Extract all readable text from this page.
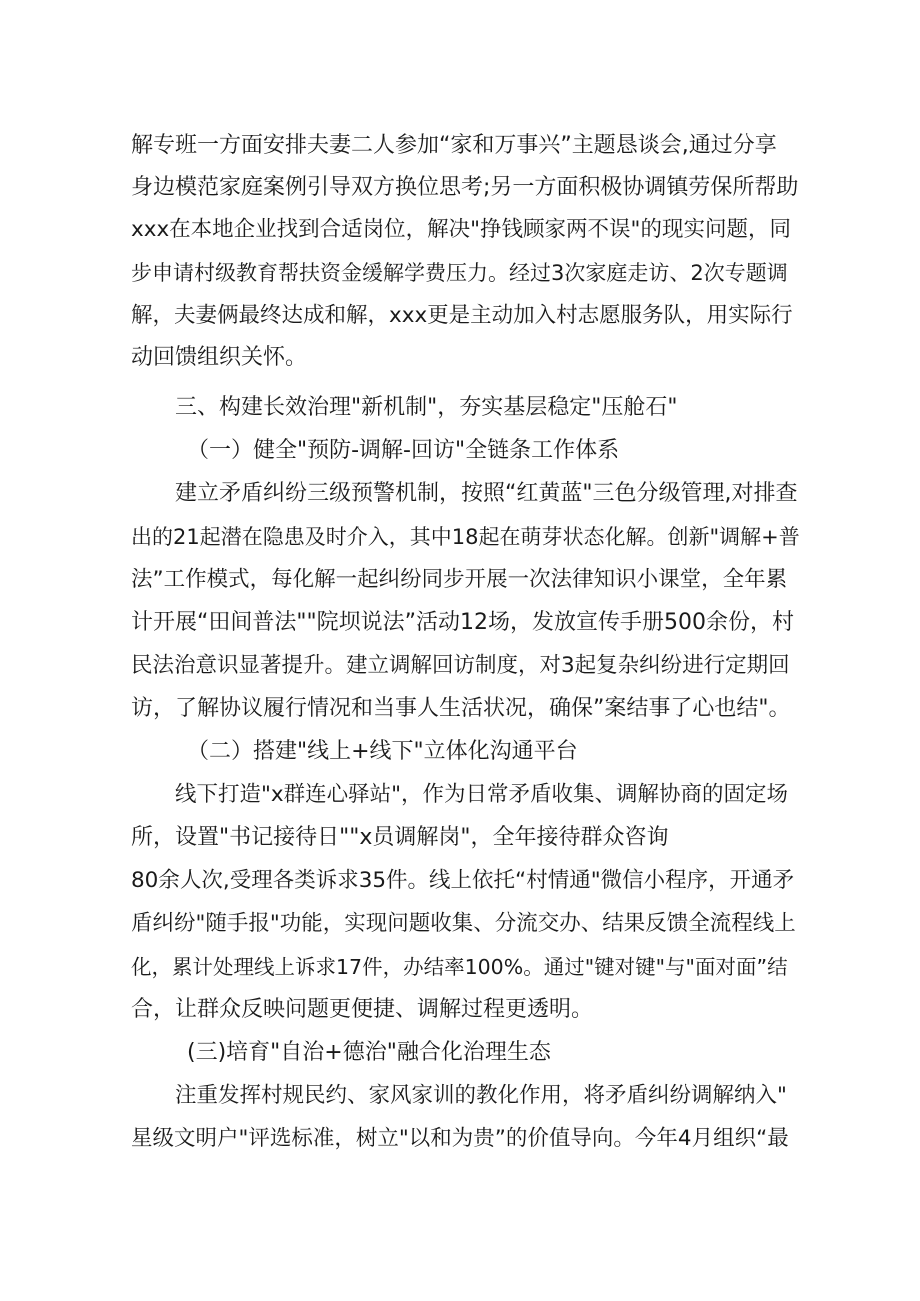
解专班一方面安排夫妻二人参加“家和万事兴”主题恳谈会,通过分享
身边模范家庭案例引导双方换位思考;另一方面积极协调镇劳保所帮助
xxx在本地企业找到合适岗位，解决"挣钱顾家两不误"的现实问题，同
步申请村级教育帮扶资金缓解学费压力。经过3次家庭走访、2次专题调
解，夫妻俩最终达成和解，xxx更是主动加入村志愿服务队，用实际行
动回馈组织关怀。
三、构建长效治理"新机制"，夯实基层稳定"压舱石"
（一）健全"预防-调解-回访"全链条工作体系
建立矛盾纠纷三级预警机制，按照“红黄蓝"三色分级管理,对排查
出的21起潜在隐患及时介入，其中18起在萌芽状态化解。创新"调解+普
法”工作模式，每化解一起纠纷同步开展一次法律知识小课堂，全年累
计开展“田间普法""院坝说法”活动12场，发放宣传手册500余份，村
民法治意识显著提升。建立调解回访制度，对3起复杂纠纷进行定期回
访，了解协议履行情况和当事人生活状况，确保”案结事了心也结"。
（二）搭建"线上+线下"立体化沟通平台
线下打造"x群连心驿站"，作为日常矛盾收集、调解协商的固定场
所，设置"书记接待日""x员调解岗"，全年接待群众咨询
80余人次,受理各类诉求35件。线上依托“村情通"微信小程序，开通矛
盾纠纷"随手报"功能，实现问题收集、分流交办、结果反馈全流程线上
化，累计处理线上诉求17件，办结率100%。通过"键对键"与"面对面”结
合，让群众反映问题更便捷、调解过程更透明。
(三)培育"自治+德治"融合化治理生态
注重发挥村规民约、家风家训的教化作用，将矛盾纠纷调解纳入"
星级文明户"评选标准，树立"以和为贵”的价值导向。今年4月组织“最
